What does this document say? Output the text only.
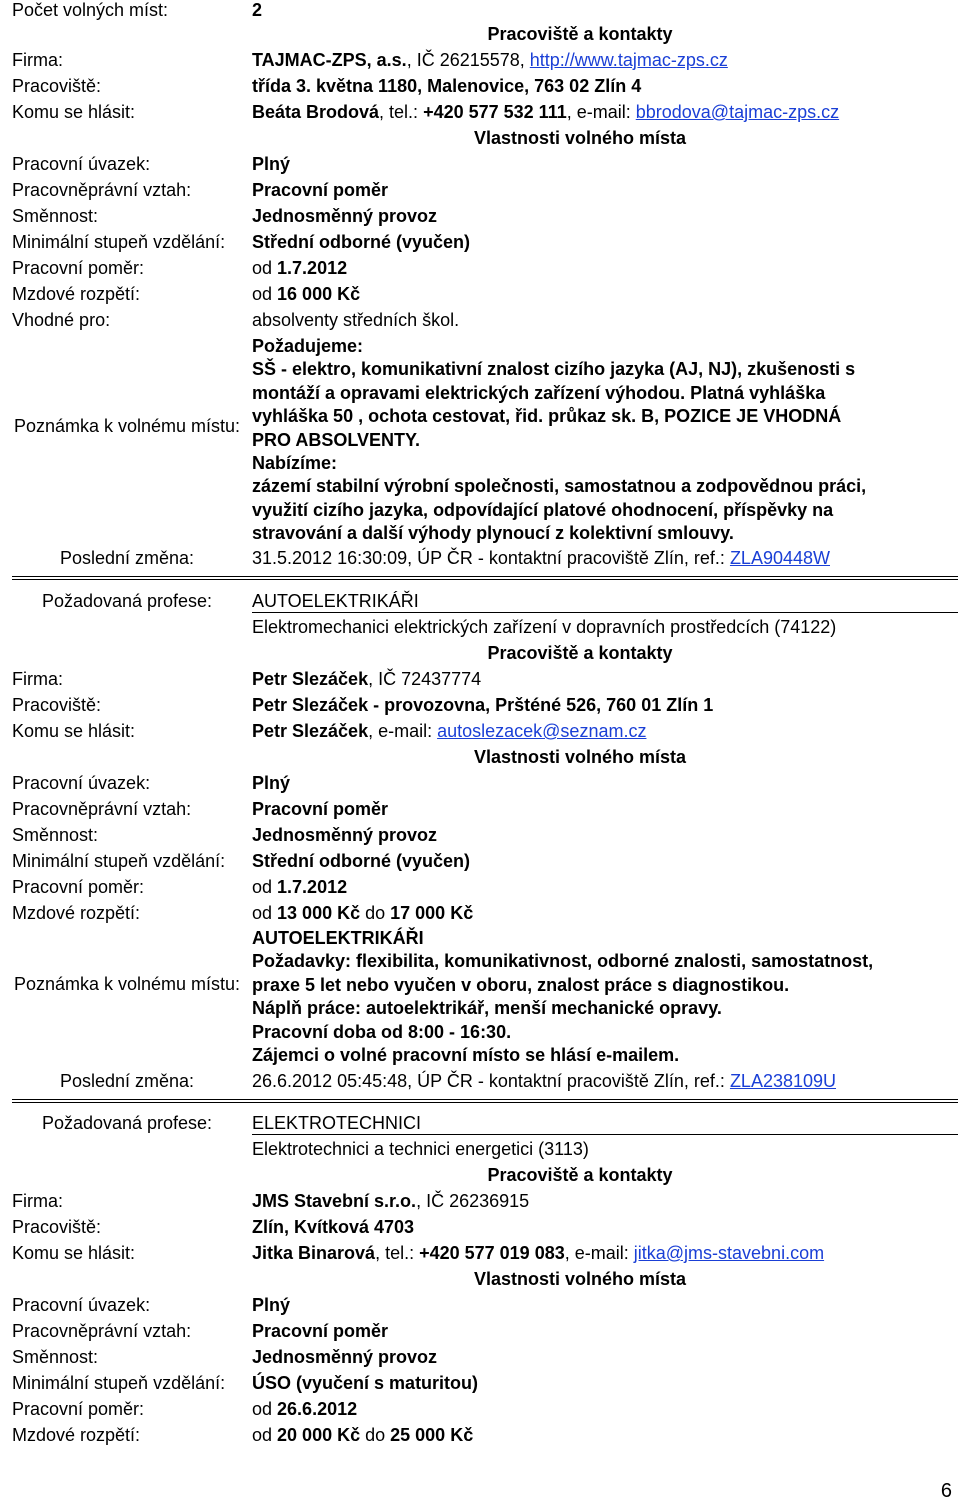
Počet volných míst:	2
Pracoviště a kontakty
Firma:	TAJMAC-ZPS, a.s., IČ 26215578, http://www.tajmac-zps.cz
Pracoviště:	třída 3. května 1180, Malenovice, 763 02 Zlín 4
Komu se hlásit:	Beáta Brodová, tel.: +420 577 532 111, e-mail: bbrodova@tajmac-zps.cz
Vlastnosti volného místa
Pracovní úvazek:	Plný
Pracovněprávní vztah:	Pracovní poměr
Směnnost:	Jednosměnný provoz
Minimální stupeň vzdělání: Střední odborné (vyučen)
Pracovní poměr:	od 1.7.2012
Mzdové rozpětí:	od 16 000 Kč
Vhodné pro:	absolventy středních škol.
Poznámka k volnému místu:
Požadujeme:
SŠ - elektro, komunikativní znalost cizího jazyka (AJ, NJ), zkušenosti s
montáží a opravami elektrických zařízení výhodou. Platná vyhláška
vyhláška 50 , ochota cestovat, řid. průkaz sk. B, POZICE JE VHODNÁ
PRO ABSOLVENTY.
Nabízíme:
zázemí stabilní výrobní společnosti, samostatnou a zodpovědnou práci,
využití cizího jazyka, odpovídající platové ohodnocení, příspěvky na
stravování a další výhody plynoucí z kolektivní smlouvy.
Poslední změna:	31.5.2012 16:30:09, ÚP ČR - kontaktní pracoviště Zlín, ref.: ZLA90448W
Požadovaná profese:	AUTOELEKTRIKÁŘI
Elektromechanici elektrických zařízení v dopravních prostředcích (74122)
Pracoviště a kontakty
Firma:	Petr Slezáček, IČ 72437774
Pracoviště:	Petr Slezáček - provozovna, Pršténé 526, 760 01 Zlín 1
Komu se hlásit:	Petr Slezáček, e-mail: autoslezacek@seznam.cz
Vlastnosti volného místa
Pracovní úvazek:	Plný
Pracovněprávní vztah:	Pracovní poměr
Směnnost:	Jednosměnný provoz
Minimální stupeň vzdělání: Střední odborné (vyučen)
Pracovní poměr:	od 1.7.2012
Mzdové rozpětí:	od 13 000 Kč do 17 000 Kč
Poznámka k volnému místu:
AUTOELEKTRIKÁŘI
Požadavky: flexibilita, komunikativnost, odborné znalosti, samostatnost,
praxe 5 let nebo vyučen v oboru, znalost práce s diagnostikou.
Náplň práce: autoelektrikář, menší mechanické opravy.
Pracovní doba od 8:00 - 16:30.
Zájemci o volné pracovní místo se hlásí e-mailem.
Poslední změna:	26.6.2012 05:45:48, ÚP ČR - kontaktní pracoviště Zlín, ref.: ZLA238109U
Požadovaná profese:	ELEKTROTECHNICI
Elektrotechnici a technici energetici (3113)
Pracoviště a kontakty
Firma:	JMS Stavební s.r.o., IČ 26236915
Pracoviště:	Zlín, Kvítková 4703
Komu se hlásit:	Jitka Binarová, tel.: +420 577 019 083, e-mail: jitka@jms-stavebni.com
Vlastnosti volného místa
Pracovní úvazek:	Plný
Pracovněprávní vztah:	Pracovní poměr
Směnnost:	Jednosměnný provoz
Minimální stupeň vzdělání: ÚSO (vyučení s maturitou)
Pracovní poměr:	od 26.6.2012
Mzdové rozpětí:	od 20 000 Kč do 25 000 Kč
6
